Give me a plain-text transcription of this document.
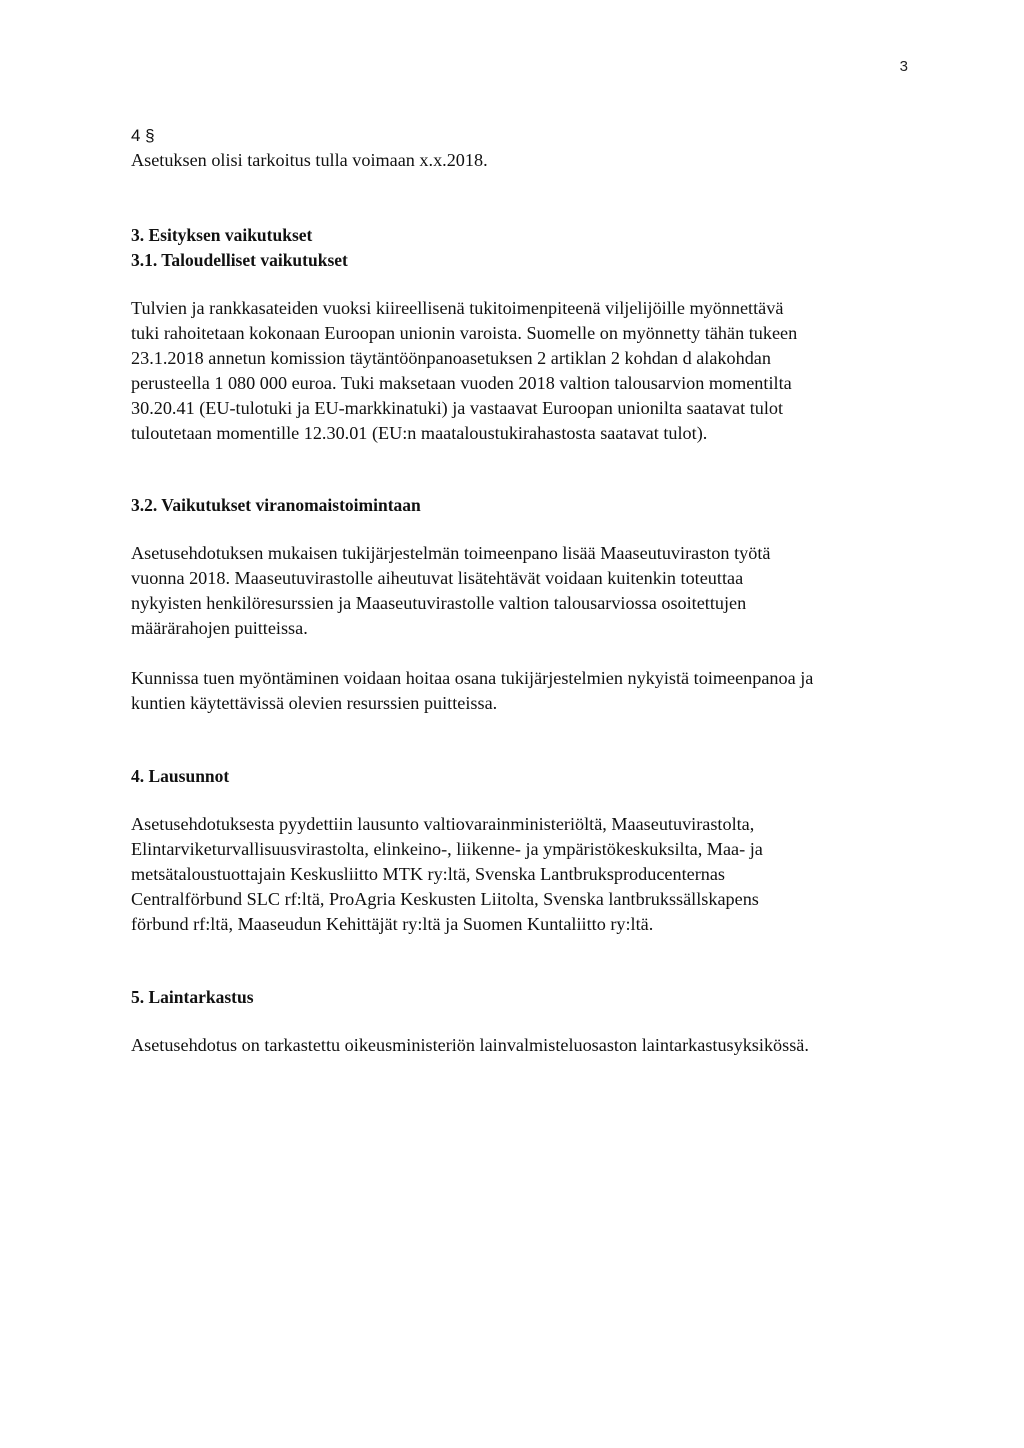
3

4 §

Asetuksen olisi tarkoitus tulla voimaan x.x.2018.

3. Esityksen vaikutukset

3.1. Taloudelliset vaikutukset

Tulvien ja rankkasateiden vuoksi kiireellisenä tukitoimenpiteenä viljelijöille myönnettävä

tuki rahoitetaan kokonaan Euroopan unionin varoista. Suomelle on myönnetty tähän tukeen

23.1.2018 annetun komission täytäntöönpanoasetuksen 2 artiklan 2 kohdan d alakohdan

perusteella 1 080 000 euroa. Tuki maksetaan vuoden 2018 valtion talousarvion momentilta

30.20.41 (EU-tulotuki ja EU-markkinatuki) ja vastaavat Euroopan unionilta saatavat tulot

tuloutetaan momentille 12.30.01 (EU:n maataloustukirahastosta saatavat tulot).

3.2. Vaikutukset viranomaistoimintaan

Asetusehdotuksen mukaisen tukijärjestelmän toimeenpano lisää Maaseutuviraston työtä

vuonna 2018. Maaseutuvirastolle aiheutuvat lisätehtävät voidaan kuitenkin toteuttaa

nykyisten henkilöresurssien ja Maaseutuvirastolle valtion talousarviossa osoitettujen

määrärahojen puitteissa.

Kunnissa tuen myöntäminen voidaan hoitaa osana tukijärjestelmien nykyistä toimeenpanoa ja

kuntien käytettävissä olevien resurssien puitteissa.

4. Lausunnot

Asetusehdotuksesta pyydettiin lausunto valtiovarainministeriöltä, Maaseutuvirastolta,

Elintarviketurvallisuusvirastolta, elinkeino-, liikenne- ja ympäristökeskuksilta, Maa- ja

metsätaloustuottajain Keskusliitto MTK ry:ltä, Svenska Lantbruksproducenternas

Centralförbund SLC rf:ltä, ProAgria Keskusten Liitolta, Svenska lantbrukssällskapens

förbund rf:ltä, Maaseudun Kehittäjät ry:ltä ja Suomen Kuntaliitto ry:ltä.

5. Laintarkastus

Asetusehdotus on tarkastettu oikeusministeriön lainvalmisteluosaston laintarkastusyksikössä.
